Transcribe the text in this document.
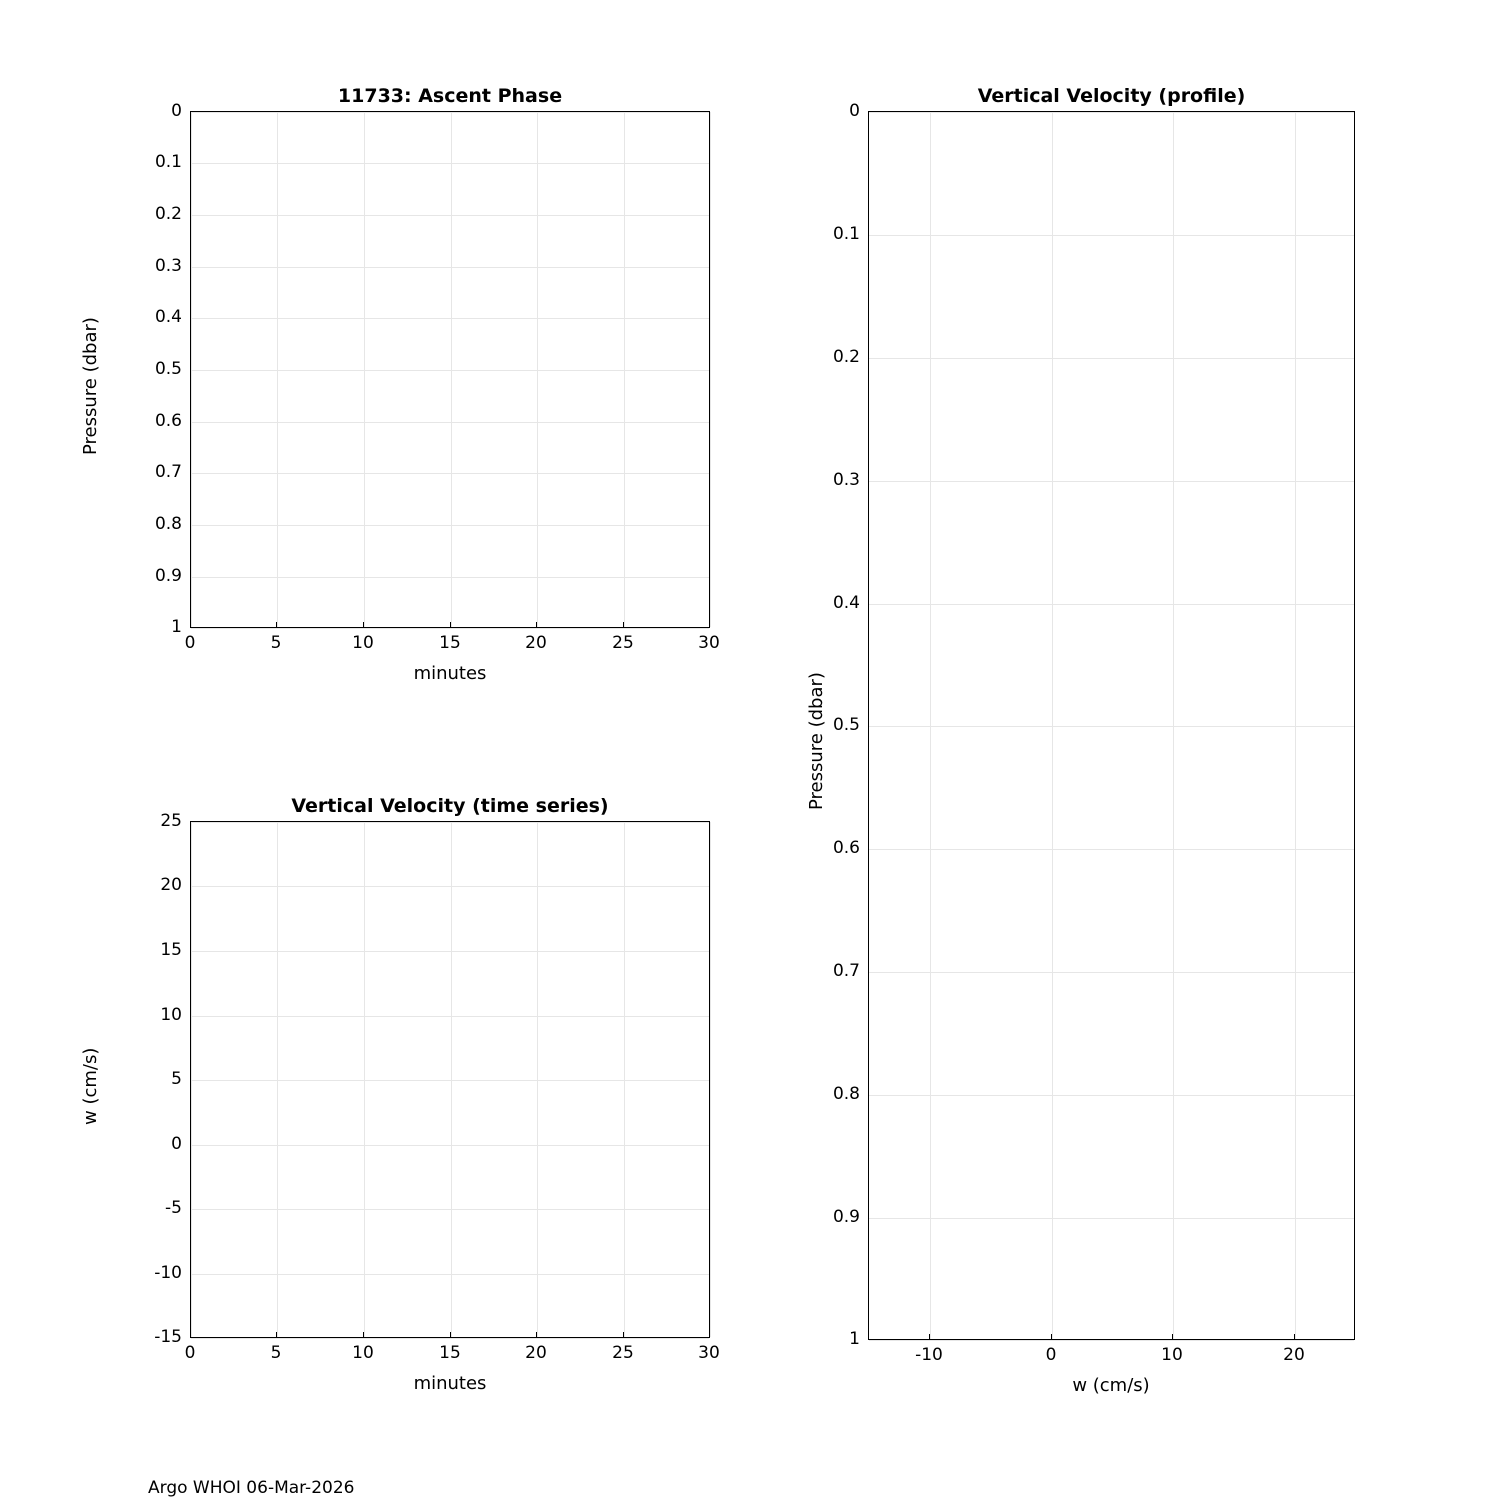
11733: Ascent Phase
0	5	10	15	20	25	30
0
0.1
0.2
0.3
0.4
0.5
0.6
0.7
0.8
0.9
1
minutes
Pressure (dbar)
Vertical Velocity (time series)
0	5	10	15	20	25	30
25
20
15
10
5
0
-5
-10
-15
minutes
w (cm/s)
Vertical Velocity (profile)
-10	0	10	20
0
0.1
0.2
0.3
0.4
0.5
0.6
0.7
0.8
0.9
1
w (cm/s)
Pressure (dbar)
Argo WHOI 06-Mar-2026
